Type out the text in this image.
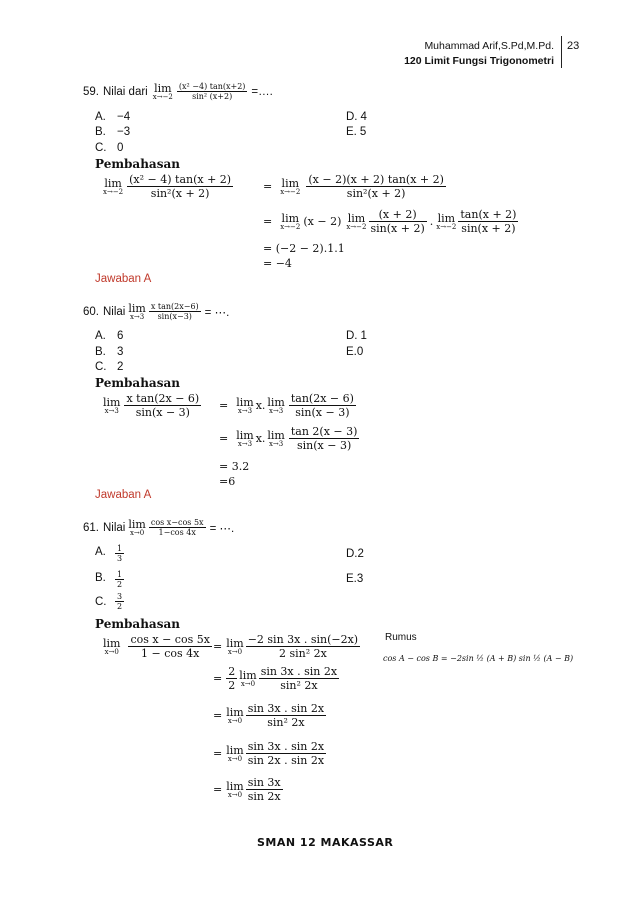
Muhammad Arif,S.Pd,M.Pd.
120 Limit Fungsi Trigonometri
23
59. Nilai dari lim
$x\to-2 \frac{\text{(x² −4) tan(x+2)}}{\text{sin² (x+2)}}$ =….
A. −4
B. −3
C. 0
D. 4
E. 5
Pembahasan
lim
$x\to-2 \frac{\text{(x² − 4) tan(x + 2)}}{\text{sin²(x + 2)}}$	= lim
$x\to-2 \frac{(x - 2)(x + 2) \tan(x + 2)}{\text{sin²(x + 2)}}$
= lim
x→−2 (x − 2) lim
$x\to-2 \frac{(x + 2)}{\sin(x + 2)}$ . lim
$x\to-2 \frac{\tan(x + 2)}{\sin(x + 2)}$
= (−2 − 2).1.1
= −4
Jawaban A
60. Nilai lim
$x\to 3 \frac{\text{x tan(2x−6)}}{\sin(x-3)}$ = ⋯.
A. 6
B. 3
C. 2
D. 1
E.0
Pembahasan
lim
$x\to 3 \frac{\text{x tan(2x − 6)}}{\sin(x - 3)} = \lim$
x→3 x. lim
$x\to 3 \frac{\tan(2x - 6)}{\sin(x - 3)}$
= lim
x→3 x. lim
$x\to 3 \frac{\tan 2(x - 3)}{\sin(x - 3)}$
= 3.2
=6
Jawaban A
61. Nilai lim
$x\to 0 \frac{\text{cos x−cos 5x}}{1-\cos 4x}$ = ⋯.
A. $\frac{1}{3}$
B. $\frac{1}{2}$
C. $\frac{3}{2}$
D.2
E.3
Pembahasan
lim
$x\to 0 \frac{\text{cos x − cos 5x}}{1 - \cos 4x} = \lim$
$x\to 0 \frac{-2 \sin 3x . \sin(-2x)}{\text{2 sin² 2x}}$
= $\frac{2}{2}$ lim
$x\to 0 \frac{\sin 3x . \sin 2x}{\text{sin² 2x}}$
= lim
$x\to 0 \frac{\sin 3x . \sin 2x}{\text{sin² 2x}}$
= lim
$x\to 0 \frac{\sin 3x . \sin 2x}{\sin 2x . \sin 2x}$
= lim
$x\to 0 \frac{\sin 3x}{\sin 2x}$
Rumus
cos A − cos B = −2sin ½ (A + B) sin ½ (A − B)
SMAN 12 MAKASSAR
